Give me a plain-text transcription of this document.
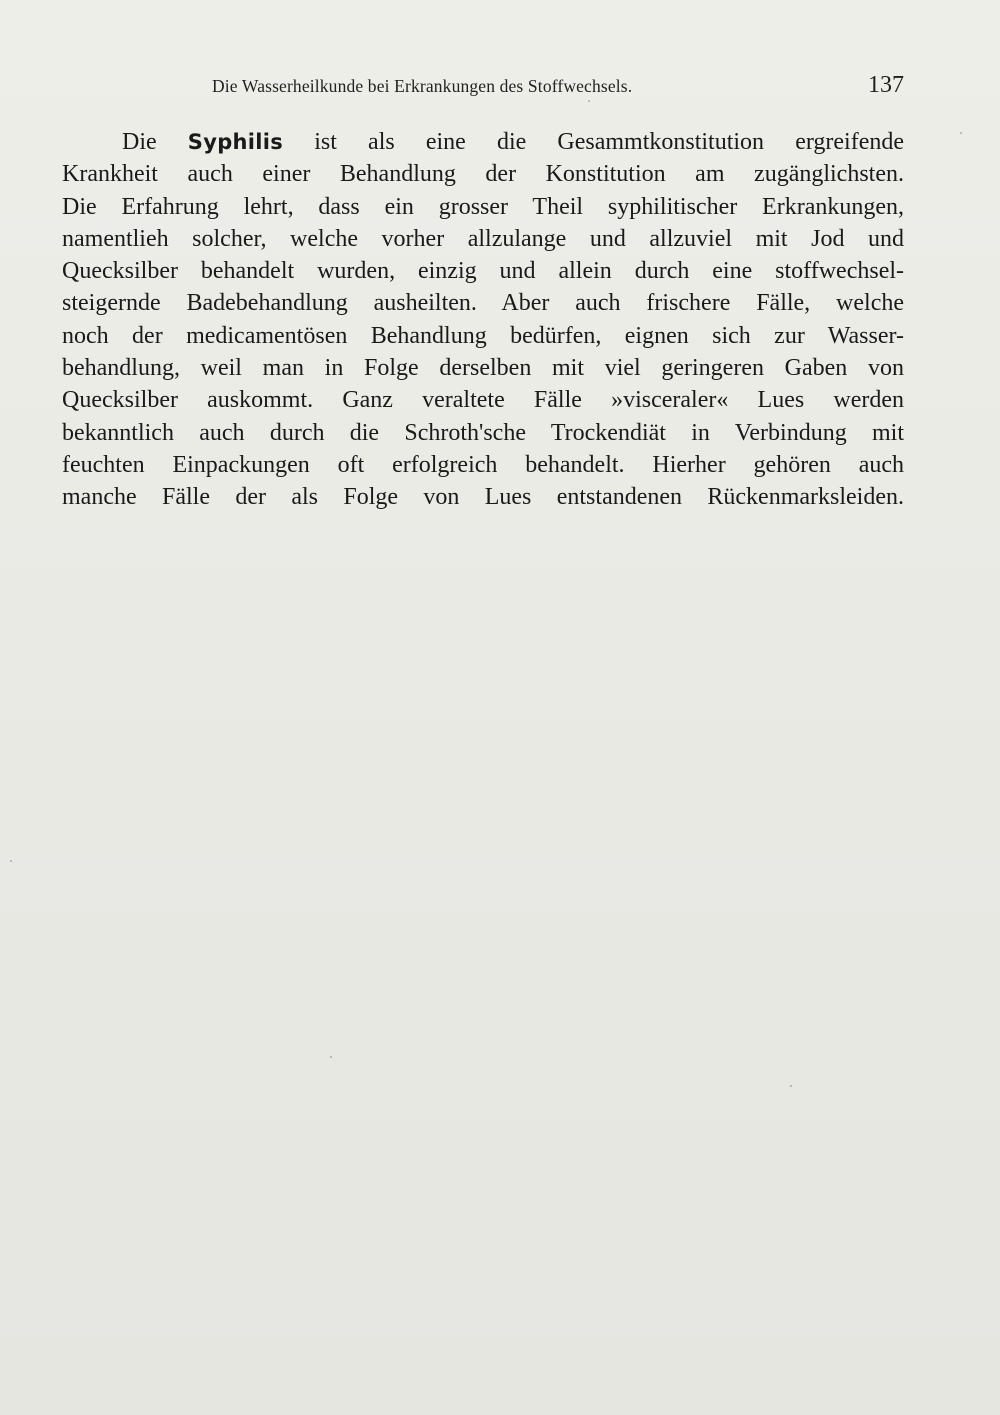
Die Wasserheilkunde bei Erkrankungen des Stoffwechsels.	137
Die Syphilis ist als eine die Gesammtkonstitution ergreifende
Krankheit auch einer Behandlung der Konstitution am zugänglichsten.
Die Erfahrung lehrt, dass ein grosser Theil syphilitischer Erkrankungen,
namentlieh solcher, welche vorher allzulange und allzuviel mit Jod und
Quecksilber behandelt wurden, einzig und allein durch eine stoffwechsel-
steigernde Badebehandlung ausheilten. Aber auch frischere Fälle, welche
noch der medicamentösen Behandlung bedürfen, eignen sich zur Wasser-
behandlung, weil man in Folge derselben mit viel geringeren Gaben von
Quecksilber auskommt. Ganz veraltete Fälle »visceraler« Lues werden
bekanntlich auch durch die Schroth'sche Trockendiät in Verbindung mit
feuchten Einpackungen oft erfolgreich behandelt. Hierher gehören auch
manche Fälle der als Folge von Lues entstandenen Rückenmarksleiden.
